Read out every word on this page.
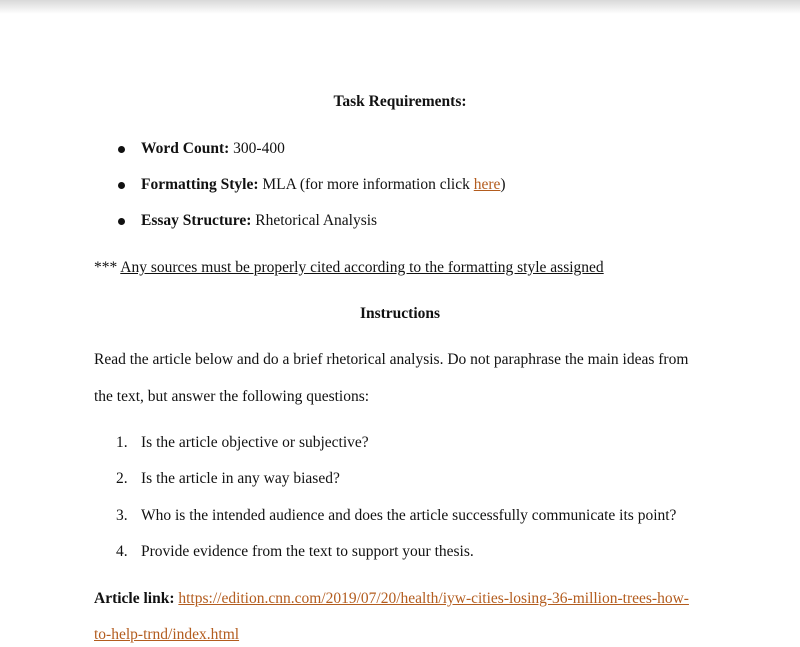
Task Requirements:
Word Count: 300-400
Formatting Style: MLA (for more information click here)
Essay Structure: Rhetorical Analysis
*** Any sources must be properly cited according to the formatting style assigned
Instructions
Read the article below and do a brief rhetorical analysis. Do not paraphrase the main ideas from
the text, but answer the following questions:
1. Is the article objective or subjective?
2. Is the article in any way biased?
3. Who is the intended audience and does the article successfully communicate its point?
4. Provide evidence from the text to support your thesis.
Article link: https://edition.cnn.com/2019/07/20/health/iyw-cities-losing-36-million-trees-how-
to-help-trnd/index.html
